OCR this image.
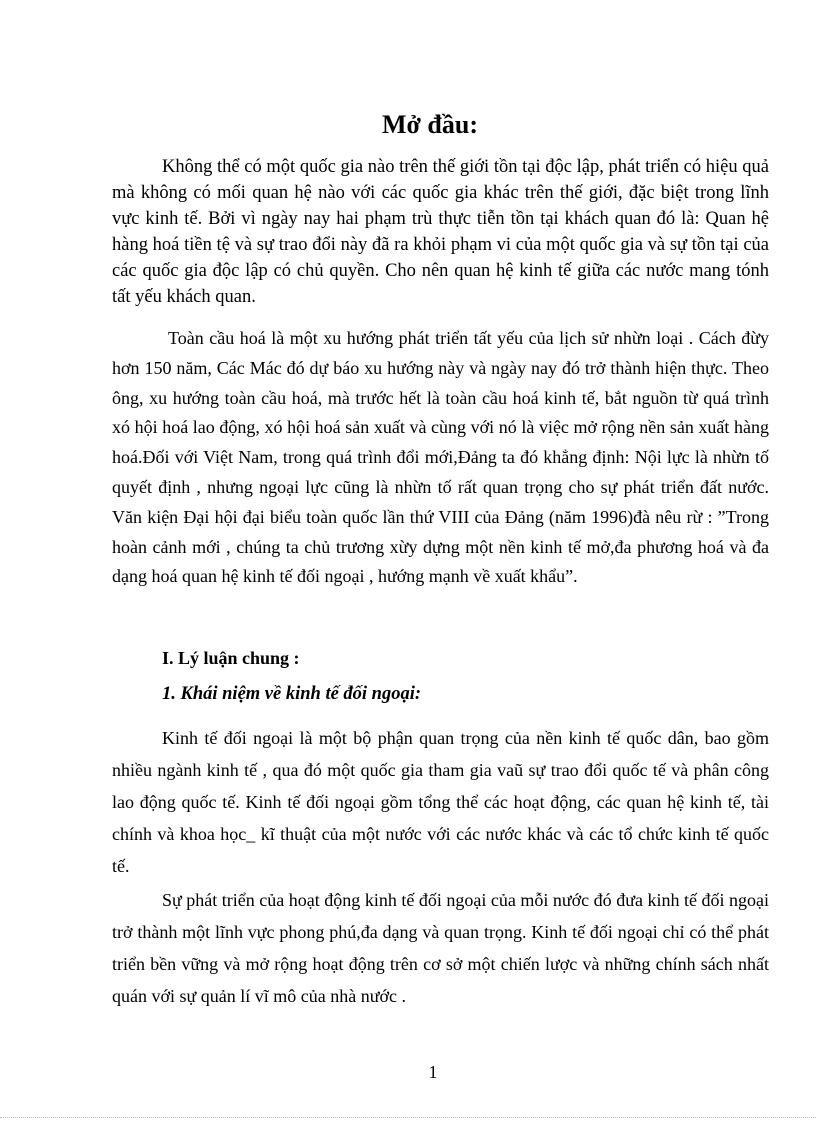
Mở đầu:

Không thể có một quốc gia nào trên thế giới tồn tại độc lập, phát triển có hiệu quả mà không có mối quan hệ nào với các quốc gia khác trên thế giới, đặc biệt trong lĩnh vực kinh tế. Bởi vì ngày nay hai phạm trù thực tiễn tồn tại khách quan đó là: Quan hệ hàng hoá tiền tệ và sự trao đổi này đã ra khỏi phạm vi của một quốc gia và sự tồn tại của các quốc gia độc lập có chủ quyền. Cho nên quan hệ kinh tế giữa các nước mang tónh tất yếu khách quan.

Toàn cầu hoá là một xu hướng phát triển tất yếu của lịch sử nhừn loại . Cách đừy hơn 150 năm, Các Mác đó dự báo xu hướng này và ngày nay đó trở thành hiện thực. Theo ông, xu hướng toàn cầu hoá, mà trước hết là toàn cầu hoá kinh tế, bắt nguồn từ quá trình xó hội hoá lao động, xó hội hoá sản xuất và cùng với nó là việc mở rộng nền sản xuất hàng hoá.Đối với Việt Nam, trong quá trình đổi mới,Đảng ta đó khẳng định: Nội lực là nhừn tố quyết định , nhưng ngoại lực cũng là nhừn tố rất quan trọng cho sự phát triển đất nước. Văn kiện Đại hội đại biểu toàn quốc lần thứ VIII của Đảng (năm 1996)đà nêu rừ : ”Trong hoàn cảnh mới , chúng ta chủ trương xừy dựng một nền kinh tế mở,đa phương hoá và đa dạng hoá quan hệ kinh tế đối ngoại , hướng mạnh về xuất khẩu”.

I. Lý luận chung :

1. Khái niệm về kinh tế đối ngoại:

Kinh tế đối ngoại là một bộ phận quan trọng của nền kinh tế quốc dân, bao gồm nhiều ngành kinh tế , qua đó một quốc gia tham gia vaũ sự trao đổi quốc tế và phân công lao động quốc tế. Kinh tế đối ngoại gồm tổng thể các hoạt động, các quan hệ kinh tế, tài chính và khoa học_ kĩ thuật của một nước với các nước khác và các tổ chức kinh tế quốc tế.

Sự phát triển của hoạt động kinh tế đối ngoại của mỗi nước đó đưa kinh tế đối ngoại trở thành một lĩnh vực phong phú,đa dạng và quan trọng. Kinh tế đối ngoại chỉ có thể phát triển bền vững và mở rộng hoạt động trên cơ sở một chiến lược và những chính sách nhất quán với sự quản lí vĩ mô của nhà nước .

1
